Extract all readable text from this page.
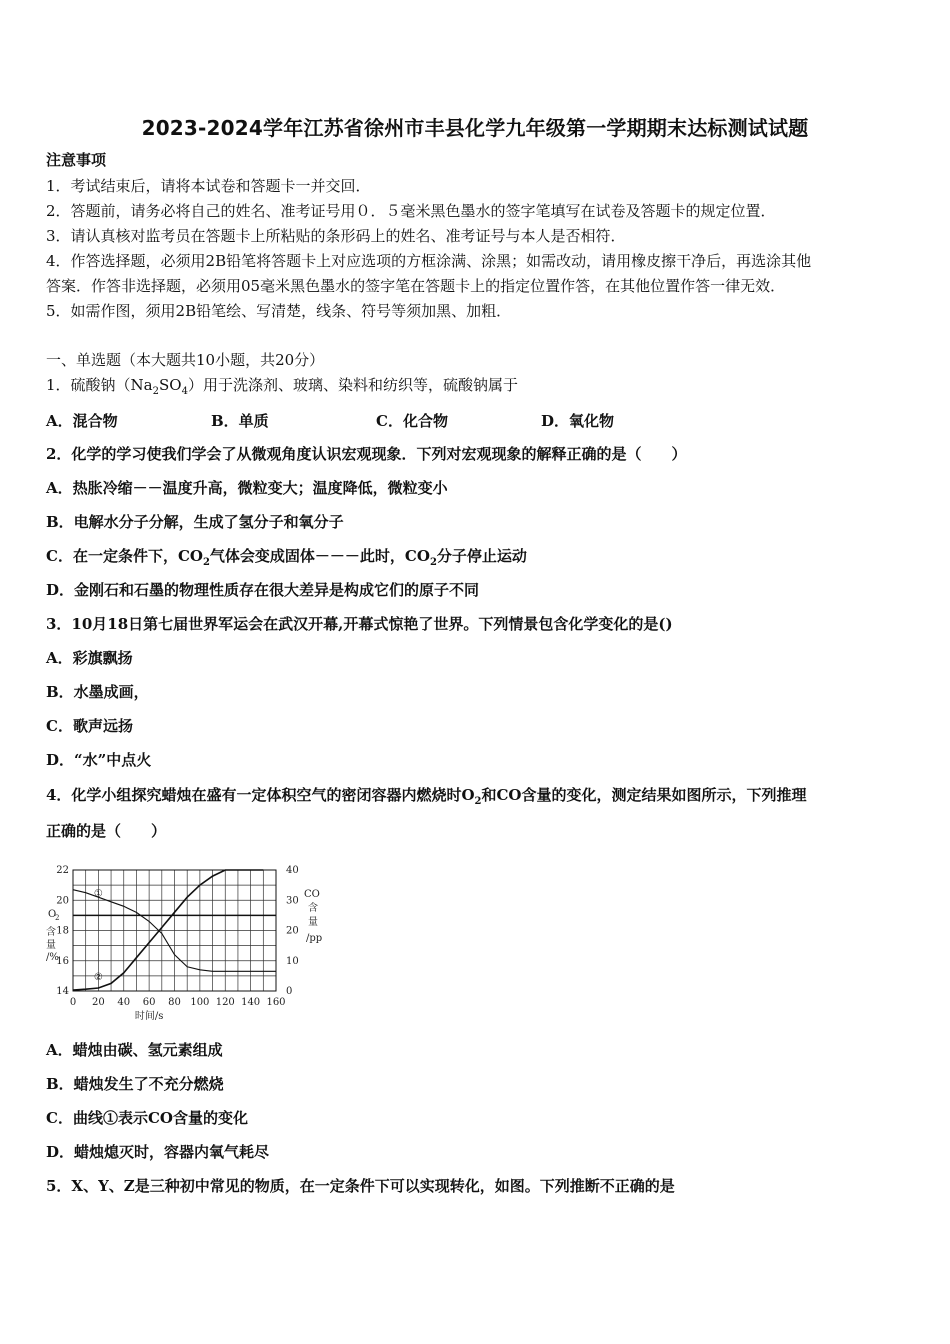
2023-2024学年江苏省徐州市丰县化学九年级第一学期期末达标测试试题
注意事项
1．考试结束后，请将本试卷和答题卡一并交回．
2．答题前，请务必将自己的姓名、准考证号用０．５毫米黑色墨水的签字笔填写在试卷及答题卡的规定位置．
3．请认真核对监考员在答题卡上所粘贴的条形码上的姓名、准考证号与本人是否相符．
4．作答选择题，必须用2B铅笔将答题卡上对应选项的方框涂满、涂黑；如需改动，请用橡皮擦干净后，再选涂其他
答案．作答非选择题，必须用05毫米黑色墨水的签字笔在答题卡上的指定位置作答，在其他位置作答一律无效．
5．如需作图，须用2B铅笔绘、写清楚，线条、符号等须加黑、加粗．
一、单选题（本大题共10小题，共20分）
1．硫酸钠$(Na_2SO_4)$用于洗涤剂、玻璃、染料和纺织等，硫酸钠属于
A．混合物	B．单质	C．化合物	D．氧化物
2．化学的学习使我们学会了从微观角度认识宏观现象．下列对宏观现象的解释正确的是（　　）
A．热胀冷缩－－温度升高，微粒变大；温度降低，微粒变小
B．电解水分子分解，生成了氢分子和氧分子
C．在一定条件下，$CO_2$气体会变成固体－－－此时，$CO_2$分子停止运动
D．金刚石和石墨的物理性质存在很大差异是构成它们的原子不同
3．10月18日第七届世界军运会在武汉开幕,开幕式惊艳了世界。下列情景包含化学变化的是()
A．彩旗飘扬
B．水墨成画，
C．歌声远扬
D．“水”中点火
4．化学小组探究蜡烛在盛有一定体积空气的密闭容器内燃烧时$O_2$和CO含量的变化，测定结果如图所示，下列推理
正确的是（　　）
14
16
18
20
22
0
10
20
30
40
0 20 40 60 80 100 120 140 160
时间/s
O
2
含
量
/%
CO
含
量
/pp
①
②
A．蜡烛由碳、氢元素组成
B．蜡烛发生了不充分燃烧
C．曲线①表示CO含量的变化
D．蜡烛熄灭时，容器内氧气耗尽
5．X、Y、Z是三种初中常见的物质，在一定条件下可以实现转化，如图。下列推断不正确的是
